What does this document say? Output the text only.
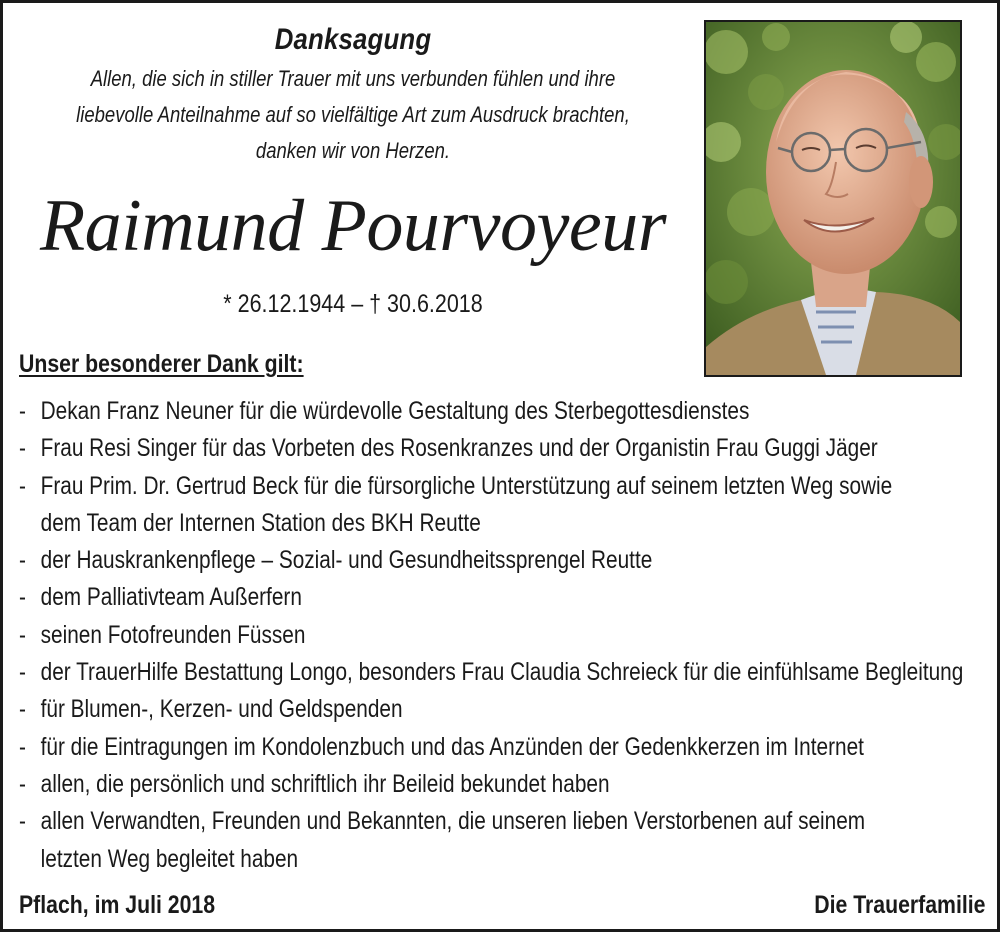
Danksagung
Allen, die sich in stiller Trauer mit uns verbunden fühlen und ihre
liebevolle Anteilnahme auf so vielfältige Art zum Ausdruck brachten,
danken wir von Herzen.
Raimund Pourvoyeur
* 26.12.1944 – † 30.6.2018
Unser besonderer Dank gilt:
- Dekan Franz Neuner für die würdevolle Gestaltung des Sterbegottesdienstes
- Frau Resi Singer für das Vorbeten des Rosenkranzes und der Organistin Frau Guggi Jäger
- Frau Prim. Dr. Gertrud Beck für die fürsorgliche Unterstützung auf seinem letzten Weg sowie
dem Team der Internen Station des BKH Reutte
- der Hauskrankenpflege – Sozial- und Gesundheitssprengel Reutte
- dem Palliativteam Außerfern
- seinen Fotofreunden Füssen
- der TrauerHilfe Bestattung Longo, besonders Frau Claudia Schreieck für die einfühlsame Begleitung
- für Blumen-, Kerzen- und Geldspenden
- für die Eintragungen im Kondolenzbuch und das Anzünden der Gedenkkerzen im Internet
- allen, die persönlich und schriftlich ihr Beileid bekundet haben
- allen Verwandten, Freunden und Bekannten, die unseren lieben Verstorbenen auf seinem
letzten Weg begleitet haben
Pflach, im Juli 2018	Die Trauerfamilie
